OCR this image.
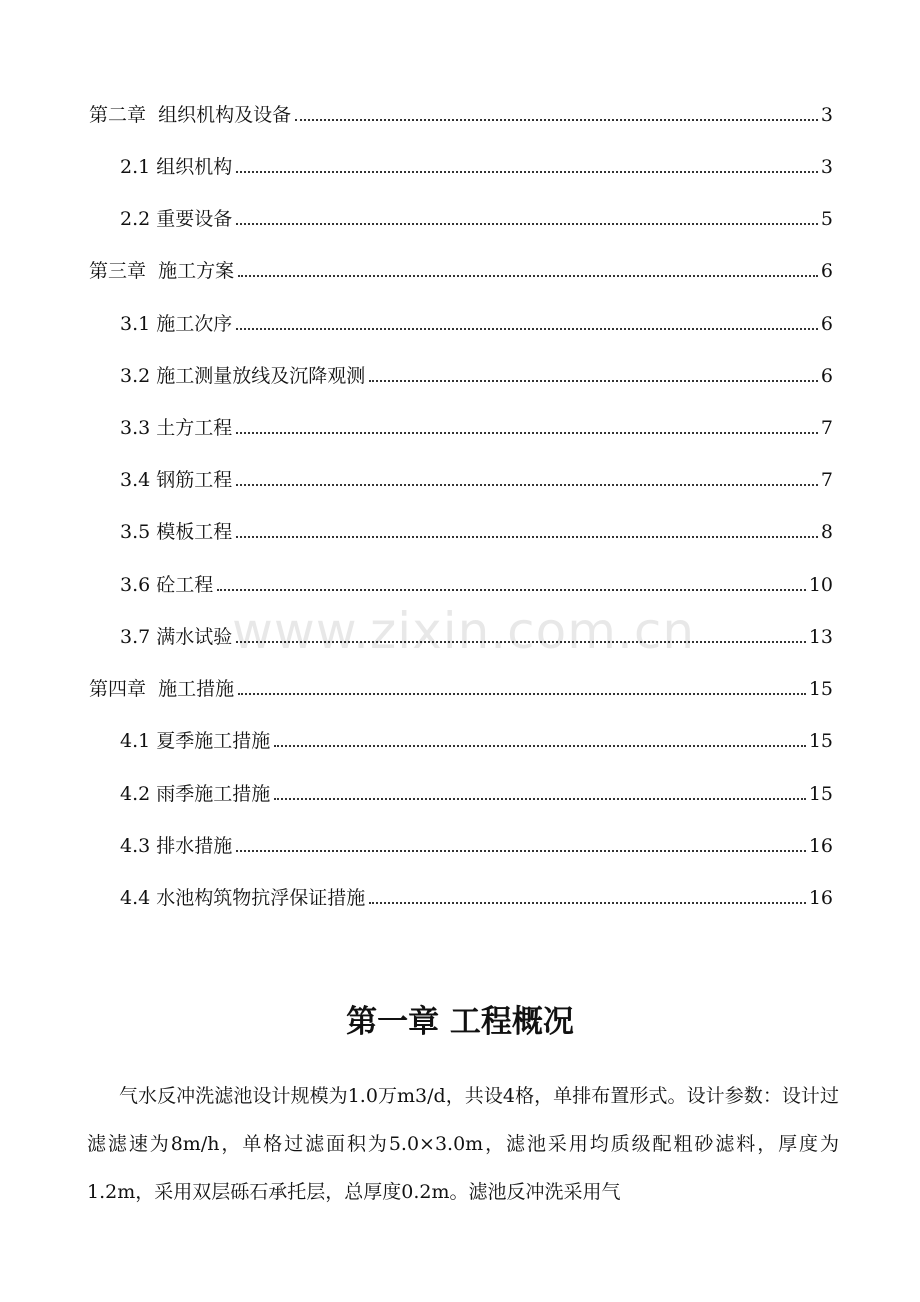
第二章  组织机构及设备	3
2.1 组织机构	3
2.2 重要设备	5
第三章  施工方案	6
3.1 施工次序	6
3.2 施工测量放线及沉降观测	6
3.3 土方工程	7
3.4 钢筋工程	7
3.5 模板工程	8
3.6 砼工程	10
3.7 满水试验	13
第四章  施工措施	15
4.1 夏季施工措施	15
4.2 雨季施工措施	15
4.3 排水措施	16
4.4 水池构筑物抗浮保证措施	16
www.zixin.com.cn
第一章 工程概况

气水反冲洗滤池设计规模为1.0万m3/d，共设4格，单排布置形式。设计参数：设计过滤滤速为8m/h，单格过滤面积为5.0×3.0m，滤池采用均质级配粗砂滤料，厚度为1.2m，采用双层砾石承托层，总厚度0.2m。滤池反冲洗采用气
